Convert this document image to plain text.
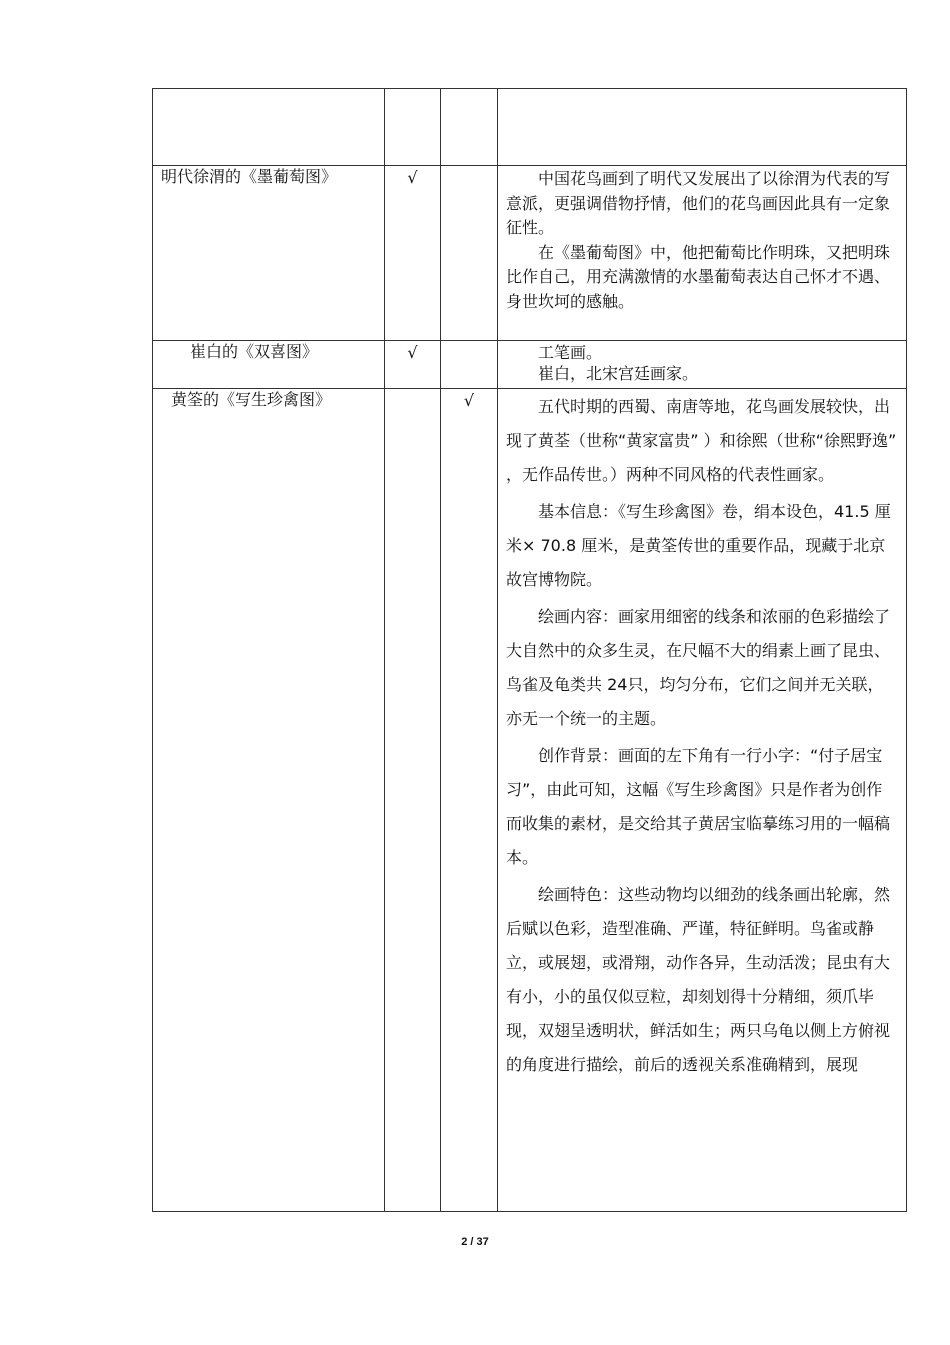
明代徐渭的《墨葡萄图》	√		中国花鸟画到了明代又发展出了以徐渭为代表的写意派，更强调借物抒情，他们的花鸟画因此具有一定象征性。

在《墨葡萄图》中，他把葡萄比作明珠，又把明珠比作自己，用充满激情的水墨葡萄表达自己怀才不遇、身世坎坷的感触。

崔白的《双喜图》	√		工笔画。

崔白，北宋宫廷画家。

黄筌的《写生珍禽图》		√	五代时期的西蜀、南唐等地，花鸟画发展较快，出现了黄荃（世称“黄家富贵” ）和徐熙（世称“徐熙野逸” ，无作品传世。）两种不同风格的代表性画家。

基本信息：《写生珍禽图》卷，绢本设色，41.5 厘米× 70.8 厘米，是黄筌传世的重要作品，现藏于北京故宫博物院。

绘画内容：画家用细密的线条和浓丽的色彩描绘了大自然中的众多生灵，在尺幅不大的绢素上画了昆虫、鸟雀及龟类共 24只，均匀分布，它们之间并无关联，亦无一个统一的主题。

创作背景：画面的左下角有一行小字：“付子居宝习”，由此可知，这幅《写生珍禽图》只是作者为创作而收集的素材，是交给其子黄居宝临摹练习用的一幅稿本。

绘画特色：这些动物均以细劲的线条画出轮廓，然后赋以色彩，造型准确、严谨，特征鲜明。鸟雀或静立，或展翅，或滑翔，动作各异，生动活泼；昆虫有大有小，小的虽仅似豆粒，却刻划得十分精细，须爪毕现，双翅呈透明状，鲜活如生；两只乌龟以侧上方俯视的角度进行描绘，前后的透视关系准确精到，展现

2 / 37
